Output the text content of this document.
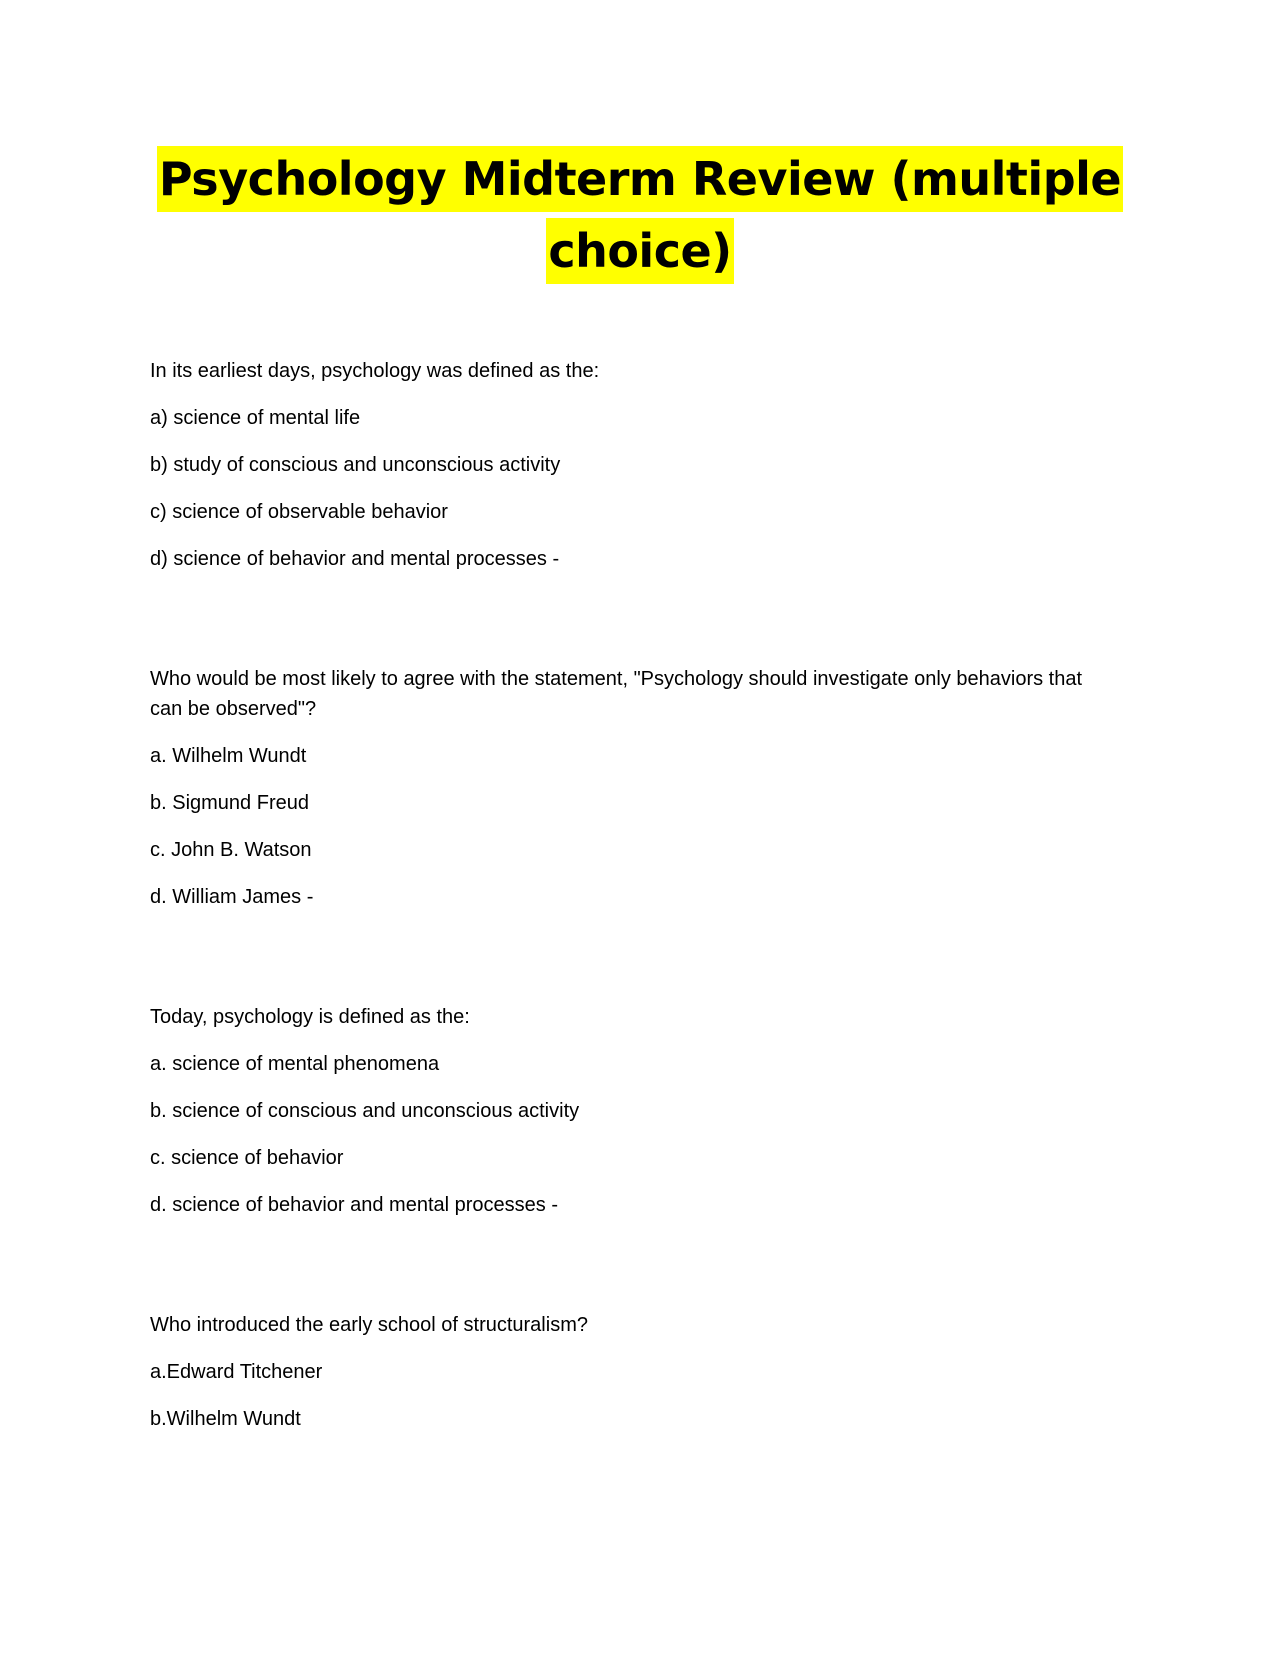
Psychology Midterm Review (multiple
choice)

In its earliest days, psychology was defined as the:

a) science of mental life

b) study of conscious and unconscious activity

c) science of observable behavior

d) science of behavior and mental processes -

Who would be most likely to agree with the statement, "Psychology should investigate only behaviors that can be observed"?

a. Wilhelm Wundt

b. Sigmund Freud

c. John B. Watson

d. William James -

Today, psychology is defined as the:

a. science of mental phenomena

b. science of conscious and unconscious activity

c. science of behavior

d. science of behavior and mental processes -

Who introduced the early school of structuralism?

a.Edward Titchener

b.Wilhelm Wundt
